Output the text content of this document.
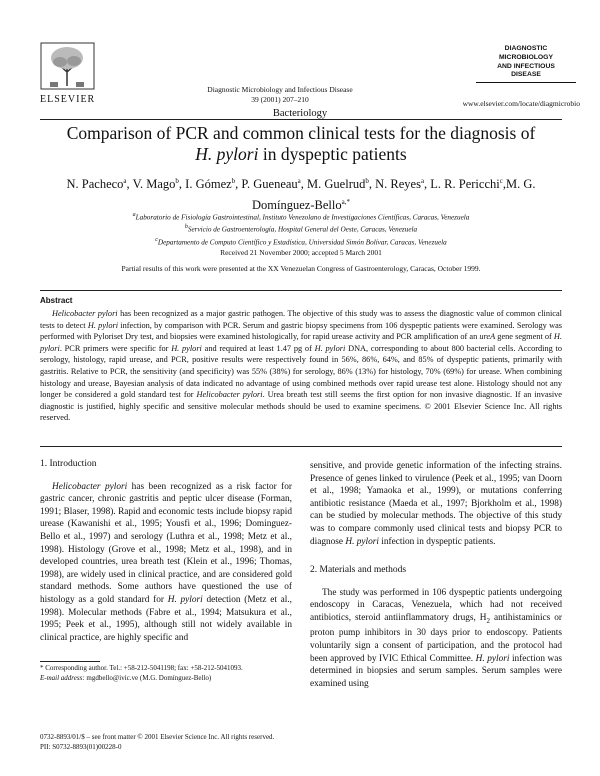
ELSEVIER
Diagnostic Microbiology and Infectious Disease
39 (2001) 207–210
Bacteriology
DIAGNOSTIC
MICROBIOLOGY
AND INFECTIOUS
DISEASE
www.elsevier.com/locate/diagmicrobio
Comparison of PCR and common clinical tests for the diagnosis of
H. pylori in dyspeptic patients
N. Pacheco$^a$, V. Mago$^b$, I. Gómez$^b$, P. Gueneau$^a$, M. Guelrud$^b$, N. Reyes$^a$, L. R. Pericchi$^c$,M. G. Domínguez-Bello$^{a,*}$
$^a$Laboratorio de Fisiología Gastrointestinal, Instituto Venezolano de Investigaciones Científicas, Caracas, Venezuela
$^b$Servicio de Gastroenterología, Hospital General del Oeste, Caracas, Venezuela
$^c$Departamento de Computo Científico y Estadística, Universidad Simón Bolívar, Caracas, Venezuela
Received 21 November 2000; accepted 5 March 2001
Partial results of this work were presented at the XX Venezuelan Congress of Gastroenterology, Caracas, October 1999.
Abstract

Helicobacter pylori has been recognized as a major gastric pathogen. The objective of this study was to assess the diagnostic value of common clinical tests to detect H. pylori infection, by comparison with PCR. Serum and gastric biopsy specimens from 106 dyspeptic patients were examined. Serology was performed with Pyloriset Dry test, and biopsies were examined histologically, for rapid urease activity and PCR amplification of an ureA gene segment of H. pylori. PCR primers were specific for H. pylori and required at least 1.47 pg of H. pylori DNA, corresponding to about 800 bacterial cells. According to serology, histology, rapid urease, and PCR, positive results were respectively found in 56%, 86%, 64%, and 85% of dyspeptic patients, primarily with gastritis. Relative to PCR, the sensitivity (and specificity) was 55% (38%) for serology, 86% (13%) for histology, 70% (69%) for urease. When combining histology and urease, Bayesian analysis of data indicated no advantage of using combined methods over rapid urease test alone. Histology should not any longer be considered a gold standard test for Helicobacter pylori. Urea breath test still seems the first option for non invasive diagnostic. If an invasive diagnostic is justified, highly specific and sensitive molecular methods should be used to examine specimens. © 2001 Elsevier Science Inc. All rights reserved.

1. Introduction

Helicobacter pylori has been recognized as a risk factor for gastric cancer, chronic gastritis and peptic ulcer disease (Forman, 1991; Blaser, 1998). Rapid and economic tests include biopsy rapid urease (Kawanishi et al., 1995; Yousfi et al., 1996; Dominguez-Bello et al., 1997) and serology (Luthra et al., 1998; Metz et al., 1998). Histology (Grove et al., 1998; Metz et al., 1998), and in developed countries, urea breath test (Klein et al., 1996; Thomas, 1998), are widely used in clinical practice, and are considered gold standard methods. Some authors have questioned the use of histology as a gold standard for H. pylori detection (Metz et al., 1998). Molecular methods (Fabre et al., 1994; Matsukura et al., 1995; Peek et al., 1995), although still not widely available in clinical practice, are highly specific and

sensitive, and provide genetic information of the infecting strains. Presence of genes linked to virulence (Peek et al., 1995; van Doorn et al., 1998; Yamaoka et al., 1999), or mutations conferring antibiotic resistance (Maeda et al., 1997; Bjorkholm et al., 1998) can be studied by molecular methods. The objective of this study was to compare commonly used clinical tests and biopsy PCR to diagnose H. pylori infection in dyspeptic patients.

2. Materials and methods

The study was performed in 106 dyspeptic patients undergoing endoscopy in Caracas, Venezuela, which had not received antibiotics, steroid antiinflammatory drugs, $H_2$ antihistaminics or proton pump inhibitors in 30 days prior to endoscopy. Patients voluntarily sign a consent of participation, and the protocol had been approved by IVIC Ethical Committee. H. pylori infection was determined in biopsies and serum samples. Serum samples were examined using

* Corresponding author. Tel.: +58-212-5041198; fax: +58-212-5041093.
E-mail address: mgdbello@ivic.ve (M.G. Domínguez-Bello)
0732-8893/01/$ – see front matter © 2001 Elsevier Science Inc. All rights reserved.
PII: S0732-8893(01)00228-0
